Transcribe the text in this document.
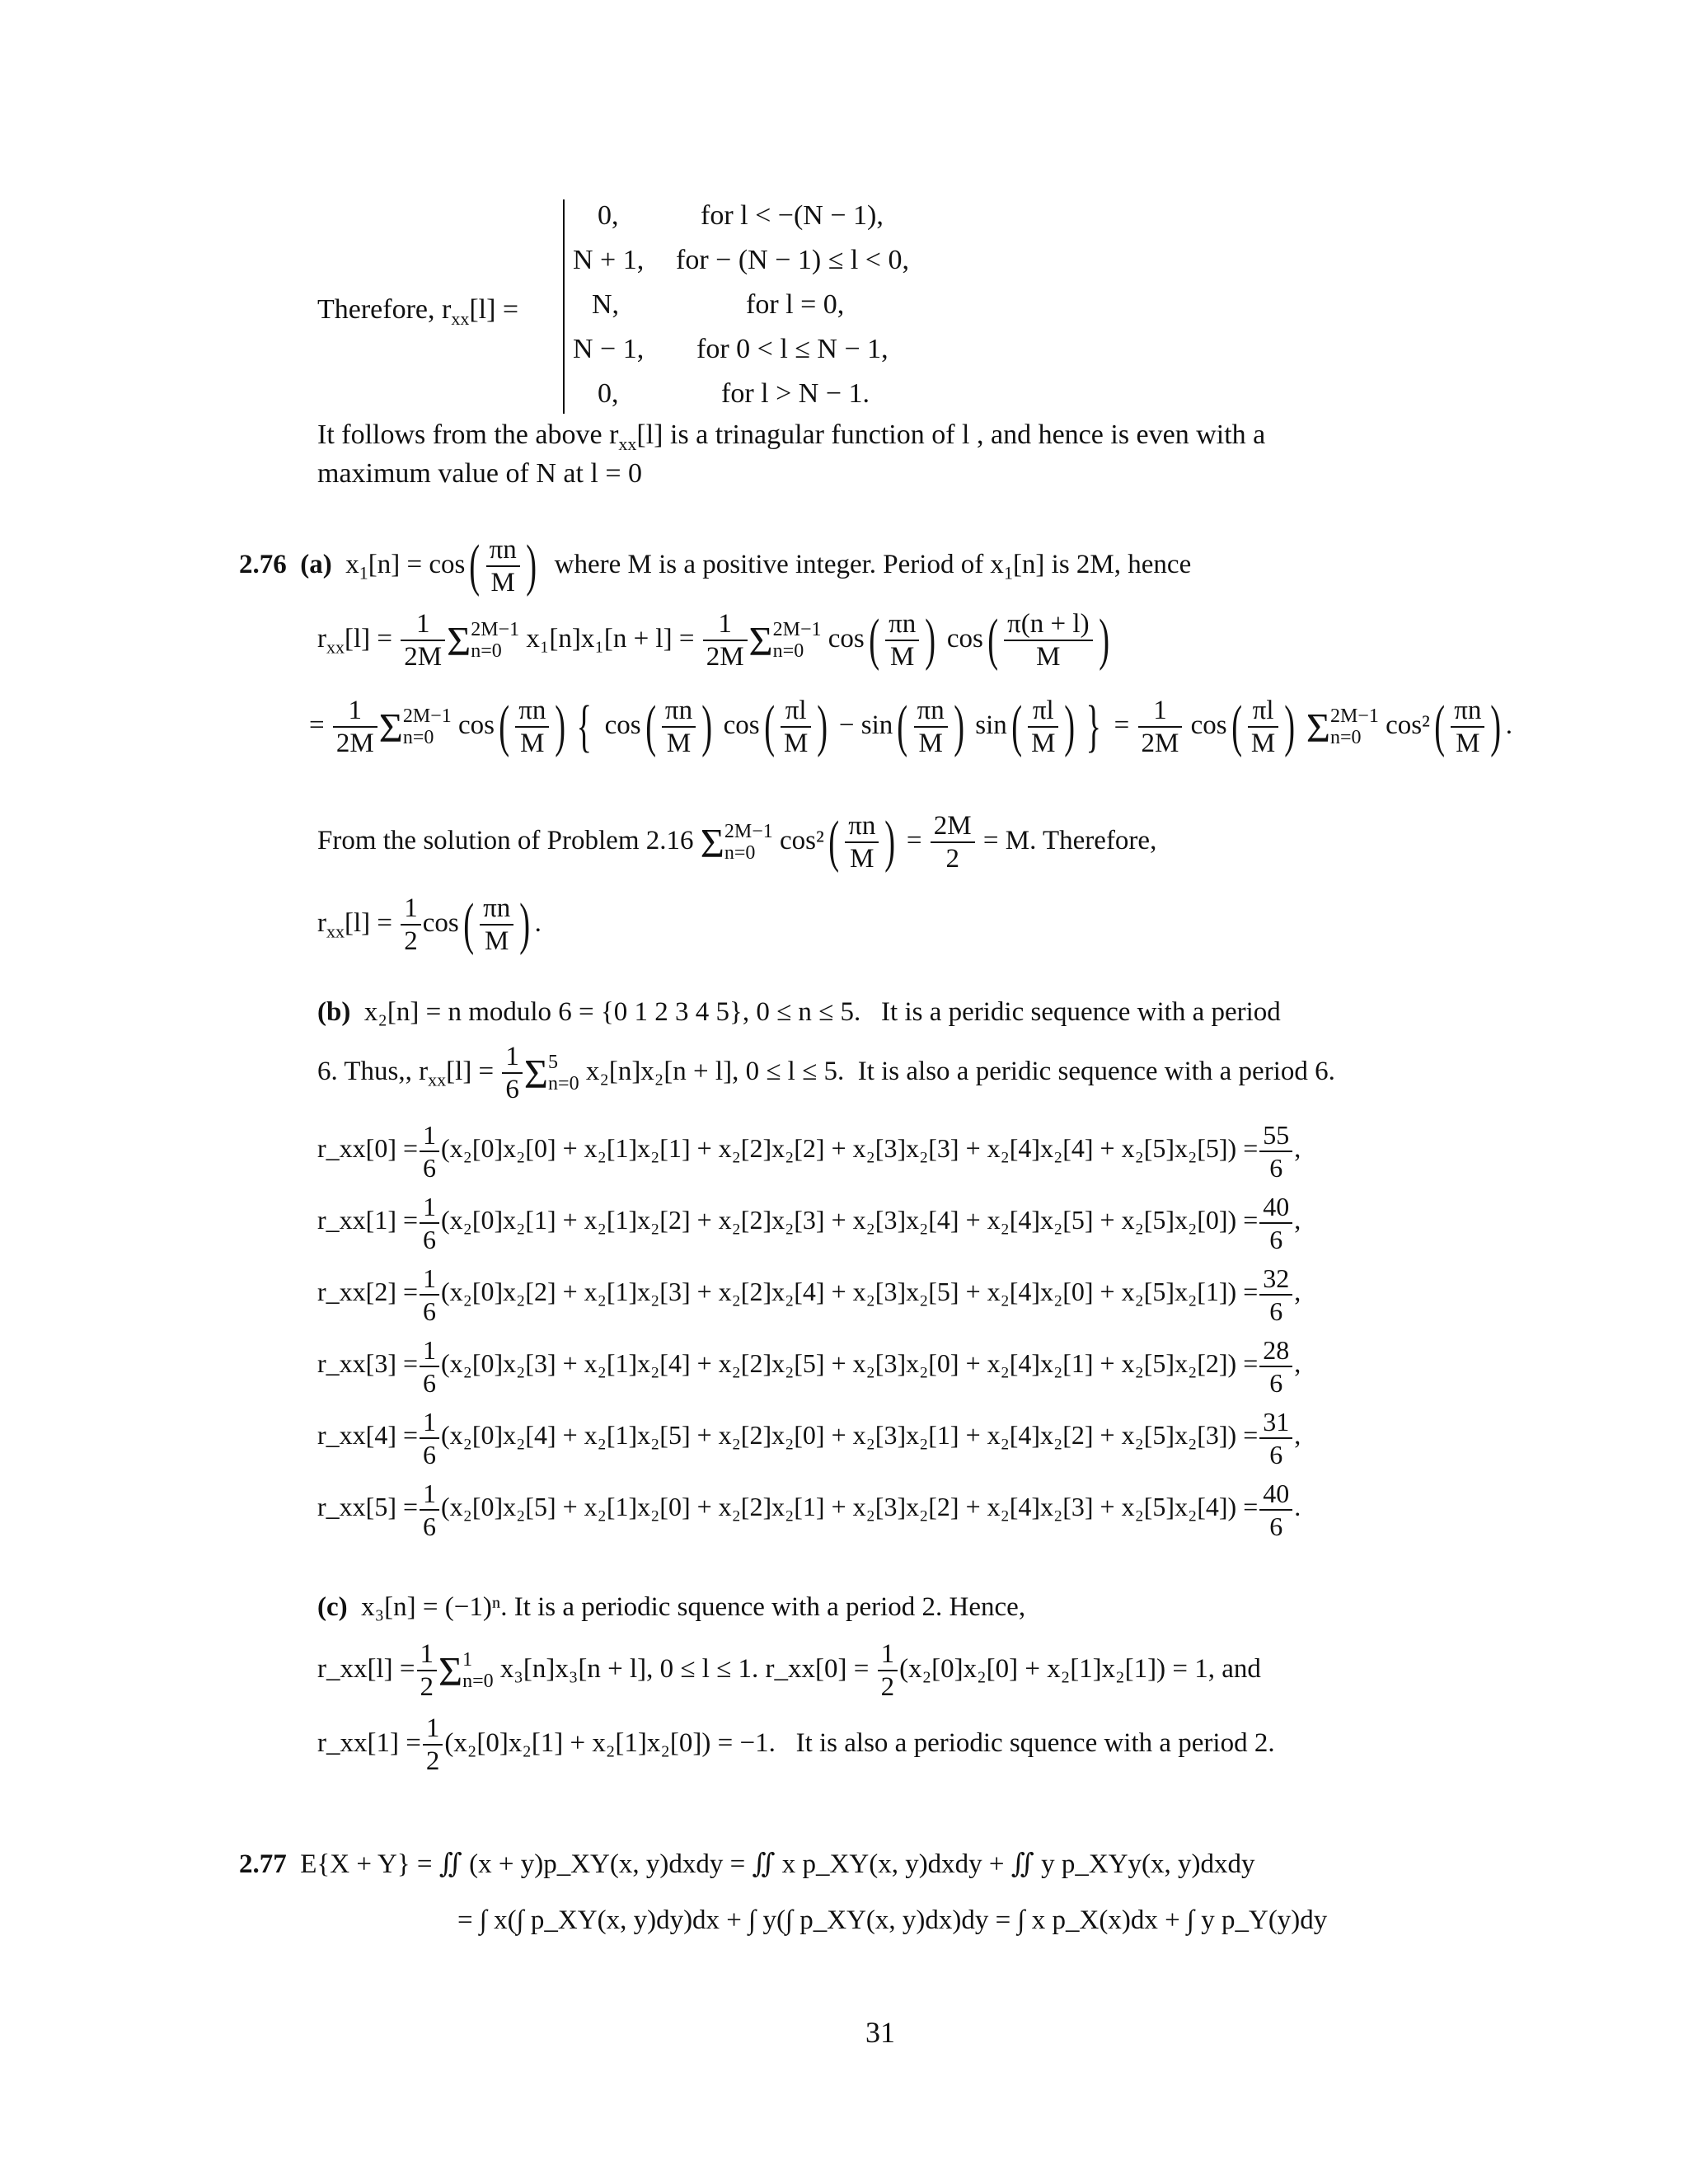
Therefore, $r_{xx}[l]$ =
0,	for l < −(N − 1),
N + 1, for − (N − 1) ≤ l < 0,
N,	for l = 0,
N − 1, for 0 < l ≤ N − 1,
0,	for l > N − 1.
It follows from the above $r_{xx}[l]$ is a trinagular function of l , and hence is even with a
maximum value of N at l = 0
2.76 (a) $x_1[n] = \cos( \frac{\pi n}{M}$ ) where M is a positive integer. Period of $x_1[n]$ is 2M, hence
$r_{xx}[l] = \frac{1}{2M}$ Σ 2M−1
n=0 $x_1[n]x_1[n + l] = \frac{1}{2M}$ Σ 2M−1
n=0 $\cos( \frac{\pi n}{M}$ ) $\cos( \frac{\pi(n + l)}{M}$ )
= $\frac{1}{2M}$ Σ 2M−1
n=0 $\cos( \frac{\pi n}{M}$ ) { $\cos( \frac{\pi n}{M}$ ) $\cos( \frac{\pi l}{M}$ ) − $\sin( \frac{\pi n}{M}$ ) $\sin( \frac{\pi l}{M}$ ) } = $\frac{1}{2M} \cos( \frac{\pi l}{M}$ ) Σ 2M−1
n=0 $\cos^2( \frac{\pi n}{M}$ ) .
From the solution of Problem 2.16 Σ 2M−1
n=0 $\cos^2( \frac{\pi n}{M}$ ) = $\frac{2M}{2} = M$. Therefore,
$r_{xx}[l] = \frac{1}{2} \cos( \frac{\pi n}{M}$ ) .
(b) x₂[n] = n modulo 6 = {0 1 2 3 4 5}, 0 ≤ n ≤ 5. It is a peridic sequence with a period
6. Thus,, $r_{xx}[l] = \frac{1}{6}$ Σ 5
n=0 x₂[n]x₂[n + l], 0 ≤ l ≤ 5. It is also a peridic sequence with a period 6.
r_xx[0] = $\frac{1}{6} (x_2[0]x_2[0] + x_2[1]x_2[1] + x_2[2]x_2[2] + x_2[3]x_2[3] + x_2[4]x_2[4] + x_2[5]x_2[5]) = \frac{55}{6}$ ,
r_xx[1] = $\frac{1}{6} (x_2[0]x_2[1] + x_2[1]x_2[2] + x_2[2]x_2[3] + x_2[3]x_2[4] + x_2[4]x_2[5] + x_2[5]x_2[0]) = \frac{40}{6}$ ,
r_xx[2] = $\frac{1}{6} (x_2[0]x_2[2] + x_2[1]x_2[3] + x_2[2]x_2[4] + x_2[3]x_2[5] + x_2[4]x_2[0] + x_2[5]x_2[1]) = \frac{32}{6}$ ,
r_xx[3] = $\frac{1}{6} (x_2[0]x_2[3] + x_2[1]x_2[4] + x_2[2]x_2[5] + x_2[3]x_2[0] + x_2[4]x_2[1] + x_2[5]x_2[2]) = \frac{28}{6}$ ,
r_xx[4] = $\frac{1}{6} (x_2[0]x_2[4] + x_2[1]x_2[5] + x_2[2]x_2[0] + x_2[3]x_2[1] + x_2[4]x_2[2] + x_2[5]x_2[3]) = \frac{31}{6}$ ,
r_xx[5] = $\frac{1}{6} (x_2[0]x_2[5] + x_2[1]x_2[0] + x_2[2]x_2[1] + x_2[3]x_2[2] + x_2[4]x_2[3] + x_2[5]x_2[4]) = \frac{40}{6}$ .
(c) x₃[n] = (−1)ⁿ. It is a periodic squence with a period 2. Hence,
r_xx[l] = $\frac{1}{2}$ Σ 1
n=0 x₃[n]x₃[n + l], 0 ≤ l ≤ 1. r_xx[0] = $\frac{1}{2} (x_2[0]x_2[0] + x_2[1]x_2[1]) = 1$, and
r_xx[1] = $\frac{1}{2} (x_2[0]x_2[1] + x_2[1]x_2[0]) = -1$. It is also a periodic squence with a period 2.
2.77 E{X + Y} = ∬ (x + y)p_XY(x, y)dxdy = ∬ x p_XY(x, y)dxdy + ∬ y p_XYy(x, y)dxdy
= ∫ x(∫ p_XY(x, y)dy)dx + ∫ y(∫ p_XY(x, y)dx)dy = ∫ x p_X(x)dx + ∫ y p_Y(y)dy
31
